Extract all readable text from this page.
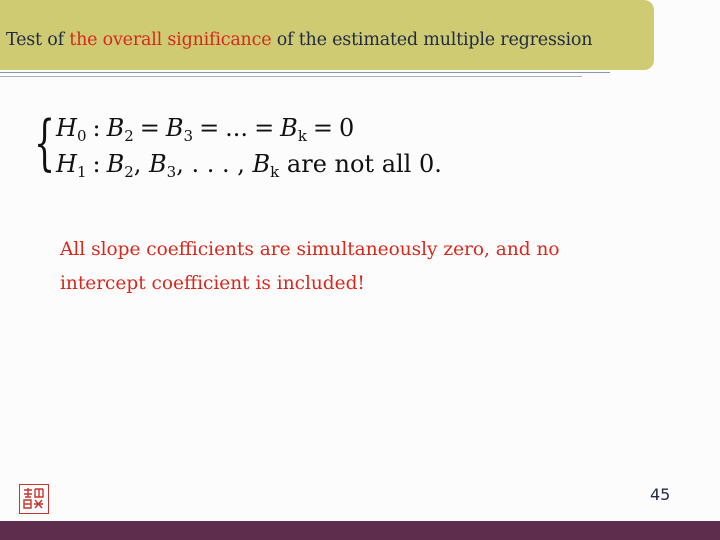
Test of the overall significance of the estimated multiple regression
{ $H_0$ : $B_2 = B_3$ = ... = $B_k = 0$
$H_1$ : $B_2$, $B_3$, . . . , $B_k$ are not all 0.
All slope coefficients are simultaneously zero, and no intercept coefficient is included!
45
